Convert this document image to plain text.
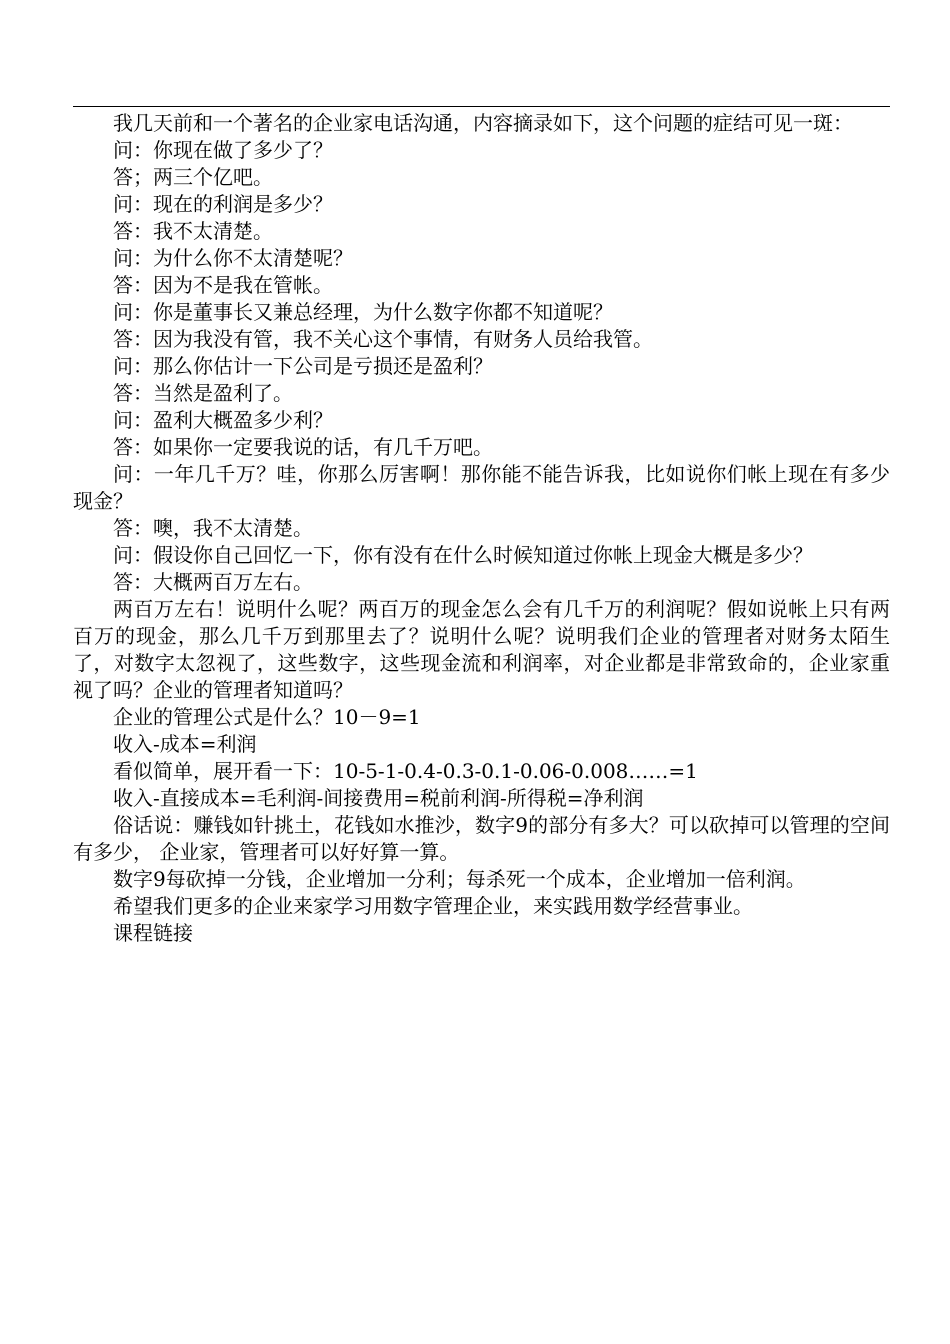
我几天前和一个著名的企业家电话沟通，内容摘录如下，这个问题的症结可见一斑：

问：你现在做了多少了？

答；两三个亿吧。

问：现在的利润是多少？

答：我不太清楚。

问：为什么你不太清楚呢？

答：因为不是我在管帐。

问：你是董事长又兼总经理，为什么数字你都不知道呢？

答：因为我没有管，我不关心这个事情，有财务人员给我管。

问：那么你估计一下公司是亏损还是盈利？

答：当然是盈利了。

问：盈利大概盈多少利？

答：如果你一定要我说的话，有几千万吧。

问：一年几千万？哇，你那么厉害啊！那你能不能告诉我，比如说你们帐上现在有多少现金？

答：噢，我不太清楚。

问：假设你自己回忆一下，你有没有在什么时候知道过你帐上现金大概是多少？

答：大概两百万左右。

两百万左右！说明什么呢？两百万的现金怎么会有几千万的利润呢？假如说帐上只有两百万的现金，那么几千万到那里去了？说明什么呢？说明我们企业的管理者对财务太陌生了，对数字太忽视了，这些数字，这些现金流和利润率，对企业都是非常致命的，企业家重视了吗？企业的管理者知道吗？

企业的管理公式是什么？10－9=1

收入-成本=利润

看似简单，展开看一下：10-5-1-0.4-0.3-0.1-0.06-0.008……=1

收入-直接成本=毛利润-间接费用=税前利润-所得税=净利润

俗话说：赚钱如针挑土，花钱如水推沙，数字9的部分有多大？可以砍掉可以管理的空间有多少， 企业家，管理者可以好好算一算。

数字9每砍掉一分钱，企业增加一分利；每杀死一个成本，企业增加一倍利润。

希望我们更多的企业来家学习用数字管理企业，来实践用数学经营事业。

课程链接
